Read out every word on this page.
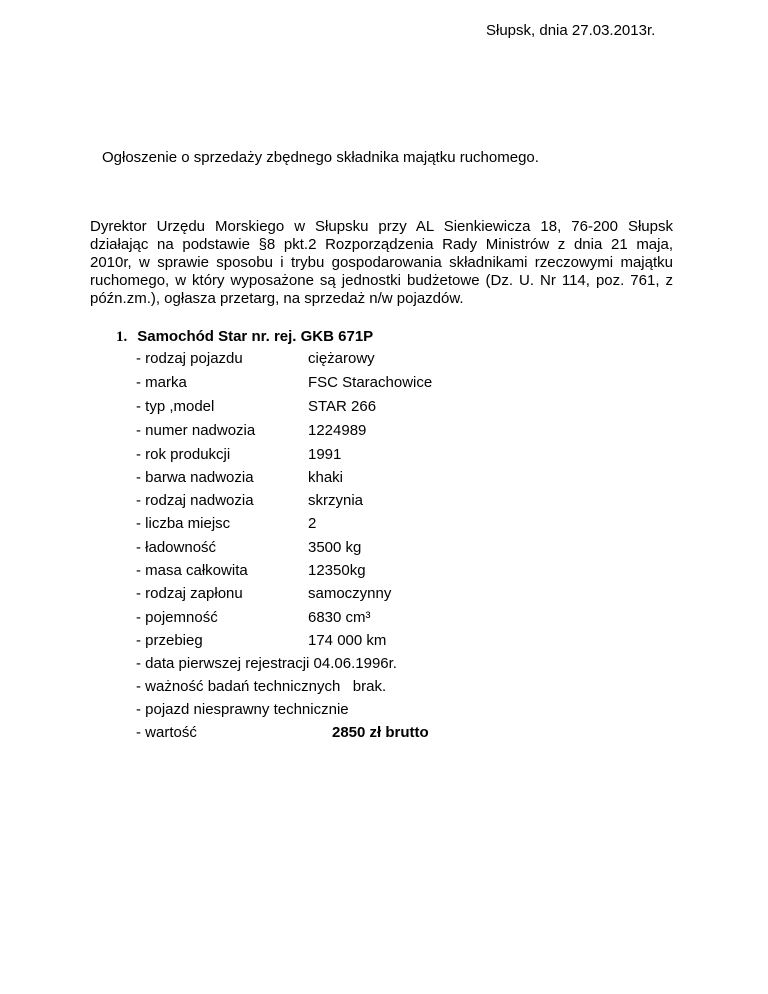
Słupsk, dnia 27.03.2013r.
Ogłoszenie o sprzedaży zbędnego składnika majątku ruchomego.
Dyrektor Urzędu Morskiego w Słupsku przy AL Sienkiewicza 18, 76-200 Słupsk
działając na podstawie §8 pkt.2 Rozporządzenia Rady Ministrów z dnia 21 maja,
2010r, w sprawie sposobu i trybu gospodarowania składnikami rzeczowymi majątku
ruchomego, w który wyposażone są jednostki budżetowe (Dz. U. Nr 114, poz. 761, z
późn.zm.), ogłasza przetarg, na sprzedaż n/w pojazdów.
1. Samochód Star nr. rej. GKB 671P
- rodzaj pojazdu	ciężarowy
- marka	FSC Starachowice
- typ ,model	STAR 266
- numer nadwozia	1224989
- rok produkcji	1991
- barwa nadwozia	khaki
- rodzaj nadwozia	skrzynia
- liczba miejsc	2
- ładowność	3500 kg
- masa całkowita	12350kg
- rodzaj zapłonu	samoczynny
- pojemność	6830 cm³
- przebieg	174 000 km
- data pierwszej rejestracji 04.06.1996r.
- ważność badań technicznych   brak.
- pojazd niesprawny technicznie
- wartość	2850 zł brutto
